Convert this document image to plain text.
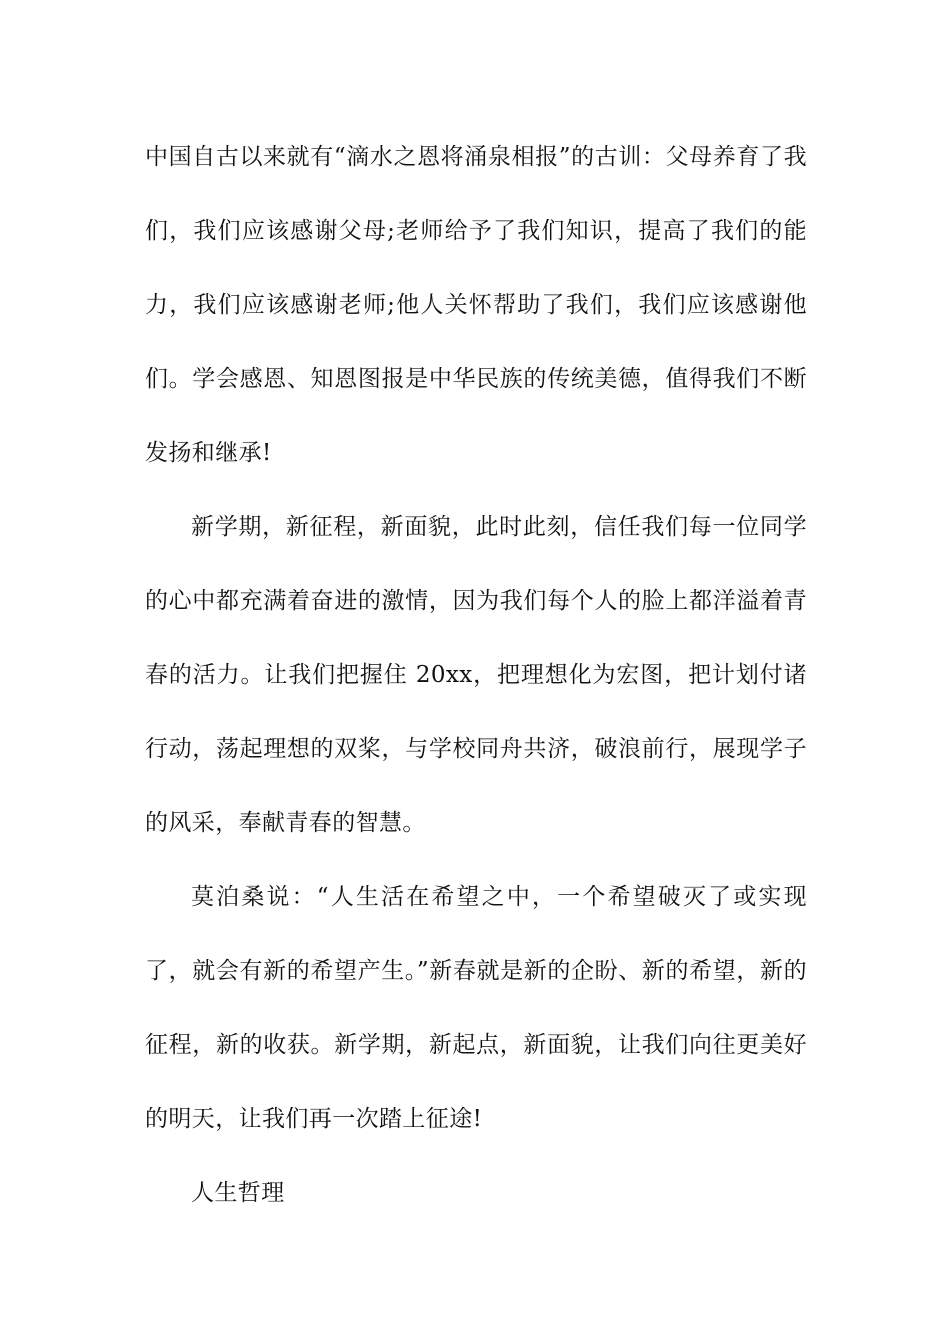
中国自古以来就有“滴水之恩将涌泉相报”的古训：父母养育了我们，我们应该感谢父母;老师给予了我们知识，提高了我们的能力，我们应该感谢老师;他人关怀帮助了我们，我们应该感谢他们。学会感恩、知恩图报是中华民族的传统美德，值得我们不断发扬和继承!

新学期，新征程，新面貌，此时此刻，信任我们每一位同学的心中都充满着奋进的激情，因为我们每个人的脸上都洋溢着青春的活力。让我们把握住 20xx，把理想化为宏图，把计划付诸行动，荡起理想的双桨，与学校同舟共济，破浪前行，展现学子的风采，奉献青春的智慧。

莫泊桑说：“人生活在希望之中，一个希望破灭了或实现了，就会有新的希望产生。”新春就是新的企盼、新的希望，新的征程，新的收获。新学期，新起点，新面貌，让我们向往更美好的明天，让我们再一次踏上征途!

人生哲理
